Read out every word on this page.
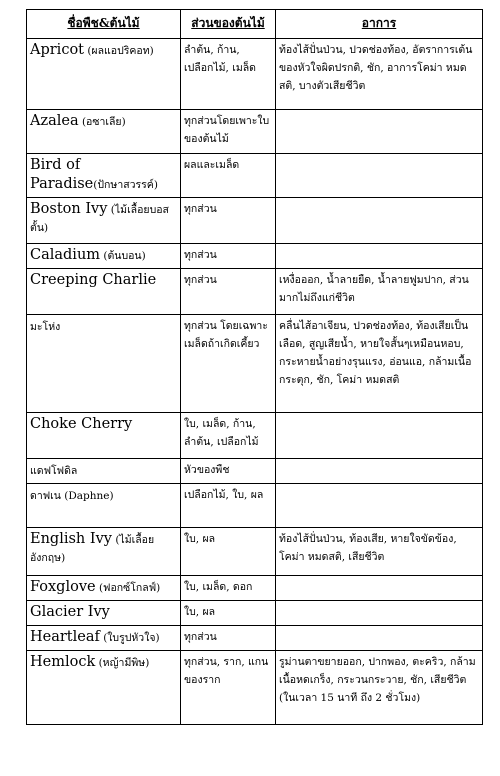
ชื่อพืช&ต้นไม้	ส่วนของต้นไม้	อาการ
Apricot (ผลแอปริคอท)	ลำต้น, ก้าน, เปลือกไม้, เมล็ด	ท้องไส้ปั่นป่วน, ปวดช่องท้อง, อัตราการเต้นของหัวใจผิดปรกติ, ชัก, อาการโคม่า หมดสติ, บางตัวเสียชีวิต
Azalea (อซาเลีย)	ทุกส่วนโดยเพาะใบของต้นไม้	
Bird of Paradise(ปักษาสวรรค์)	ผลและเมล็ด	
Boston Ivy (ไม้เลื้อยบอสตั้น)	ทุกส่วน	
Caladium (ต้นบอน)	ทุกส่วน	
Creeping Charlie	ทุกส่วน	เหงื่อออก, น้ำลายยืด, น้ำลายฟูมปาก, ส่วนมากไม่ถึงแก่ชีวิต
มะโห่ง	ทุกส่วน โดยเฉพาะเมล็ดถ้าเกิดเคี้ยว	คลื่นไส้อาเจียน, ปวดช่องท้อง, ท้องเสียเป็นเลือด, สูญเสียน้ำ, หายใจสั้นๆเหมือนหอบ, กระหายน้ำอย่างรุนแรง, อ่อนแอ, กล้ามเนื้อกระตุก, ชัก, โคม่า หมดสติ
Choke Cherry	ใบ, เมล็ด, ก้าน, ลำต้น, เปลือกไม้	
แดฟโฟดิล	หัวของพืช	
ดาฟเน (Daphne)	เปลือกไม้, ใบ, ผล	
English Ivy (ไม้เลื้อยอังกฤษ)	ใบ, ผล	ท้องไส้ปั่นป่วน, ท้องเสีย, หายใจขัดข้อง, โคม่า หมดสติ, เสียชีวิต
Foxglove (ฟอกซ์โกลฟ์)	ใบ, เมล็ด, ดอก	
Glacier Ivy	ใบ, ผล	
Heartleaf (ใบรูปหัวใจ)	ทุกส่วน	
Hemlock (หญ้ามีพิษ)	ทุกส่วน, ราก, แกนของราก	รูม่านตาขยายออก, ปากพอง, ตะคริว, กล้ามเนื้อหดเกร็ง, กระวนกระวาย, ชัก, เสียชีวิต (ในเวลา 15 นาที ถึง 2 ชั่วโมง)
